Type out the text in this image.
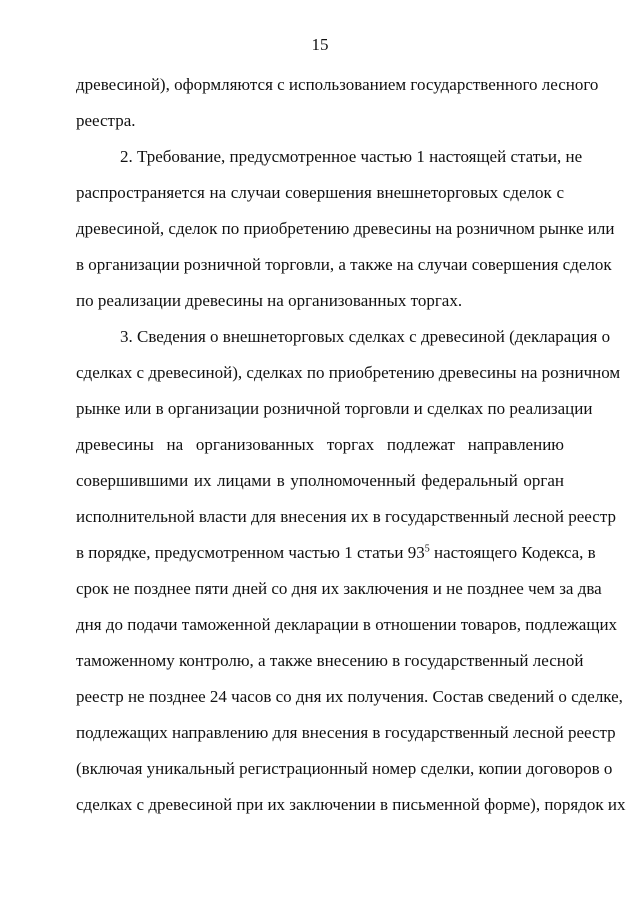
15
древесиной), оформляются с использованием государственного лесного
реестра.
2. Требование, предусмотренное частью 1 настоящей статьи, не
распространяется на случаи совершения внешнеторговых сделок с
древесиной, сделок по приобретению древесины на розничном рынке или
в организации розничной торговли, а также на случаи совершения сделок
по реализации древесины на организованных торгах.
3. Сведения о внешнеторговых сделках с древесиной (декларация о
сделках с древесиной), сделках по приобретению древесины на розничном
рынке или в организации розничной торговли и сделках по реализации
древесины на организованных торгах подлежат направлению
совершившими их лицами в уполномоченный федеральный орган
исполнительной власти для внесения их в государственный лесной реестр
в порядке, предусмотренном частью 1 статьи 93 $^5$ настоящего Кодекса, в
срок не позднее пяти дней со дня их заключения и не позднее чем за два
дня до подачи таможенной декларации в отношении товаров, подлежащих
таможенному контролю, а также внесению в государственный лесной
реестр не позднее 24 часов со дня их получения. Состав сведений о сделке,
подлежащих направлению для внесения в государственный лесной реестр
(включая уникальный регистрационный номер сделки, копии договоров о
сделках с древесиной при их заключении в письменной форме), порядок их
